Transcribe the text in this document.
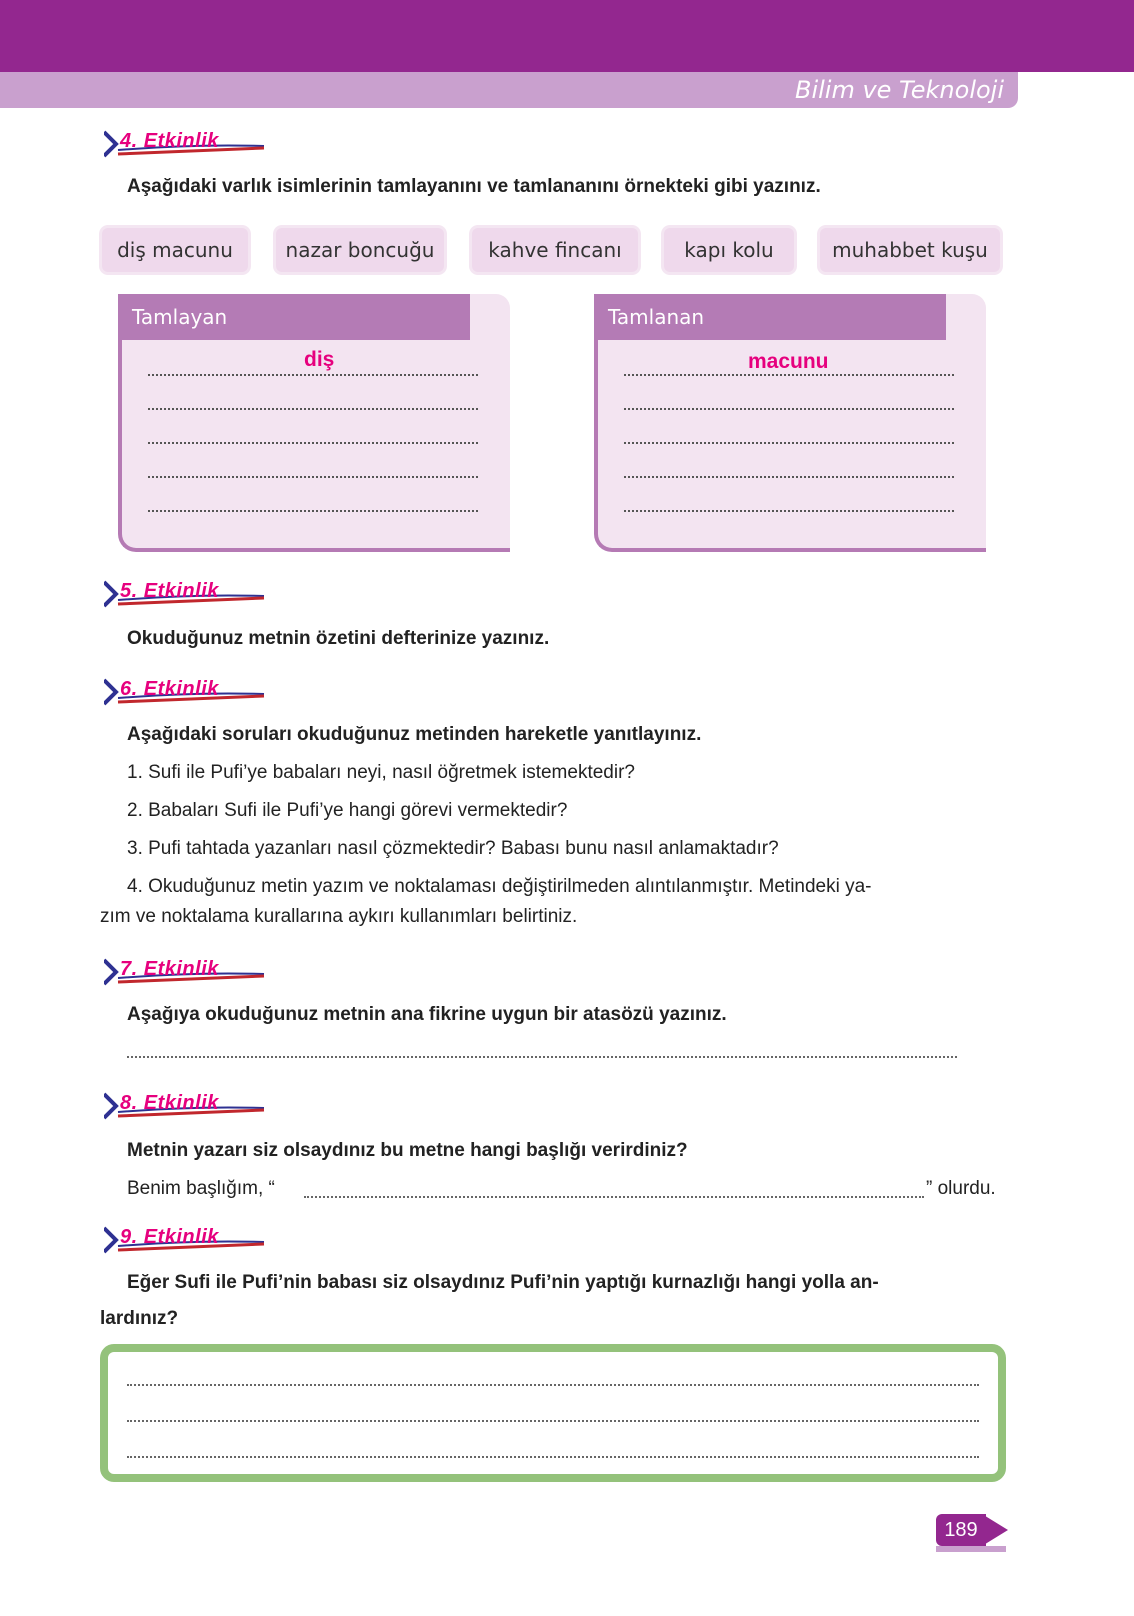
Bilim ve Teknoloji
4. Etkinlik
Aşağıdaki varlık isimlerinin tamlayanını ve tamlananını örnekteki gibi yazınız.
diş macunu	nazar boncuğu	kahve fincanı	kapı kolu	muhabbet kuşu
Tamlayan
diş
Tamlanan
macunu
5. Etkinlik
Okuduğunuz metnin özetini defterinize yazınız.
6. Etkinlik
Aşağıdaki soruları okuduğunuz metinden hareketle yanıtlayınız.
1. Sufi ile Pufi’ye babaları neyi, nasıl öğretmek istemektedir?
2. Babaları Sufi ile Pufi’ye hangi görevi vermektedir?
3. Pufi tahtada yazanları nasıl çözmektedir? Babası bunu nasıl anlamaktadır?
4. Okuduğunuz metin yazım ve noktalaması değiştirilmeden alıntılanmıştır. Metindeki ya-
zım ve noktalama kurallarına aykırı kullanımları belirtiniz.
7. Etkinlik
Aşağıya okuduğunuz metnin ana fikrine uygun bir atasözü yazınız.
8. Etkinlik
Metnin yazarı siz olsaydınız bu metne hangi başlığı verirdiniz?
Benim başlığım, “	” olurdu.
9. Etkinlik
Eğer Sufi ile Pufi’nin babası siz olsaydınız Pufi’nin yaptığı kurnazlığı hangi yolla an-
lardınız?
189
